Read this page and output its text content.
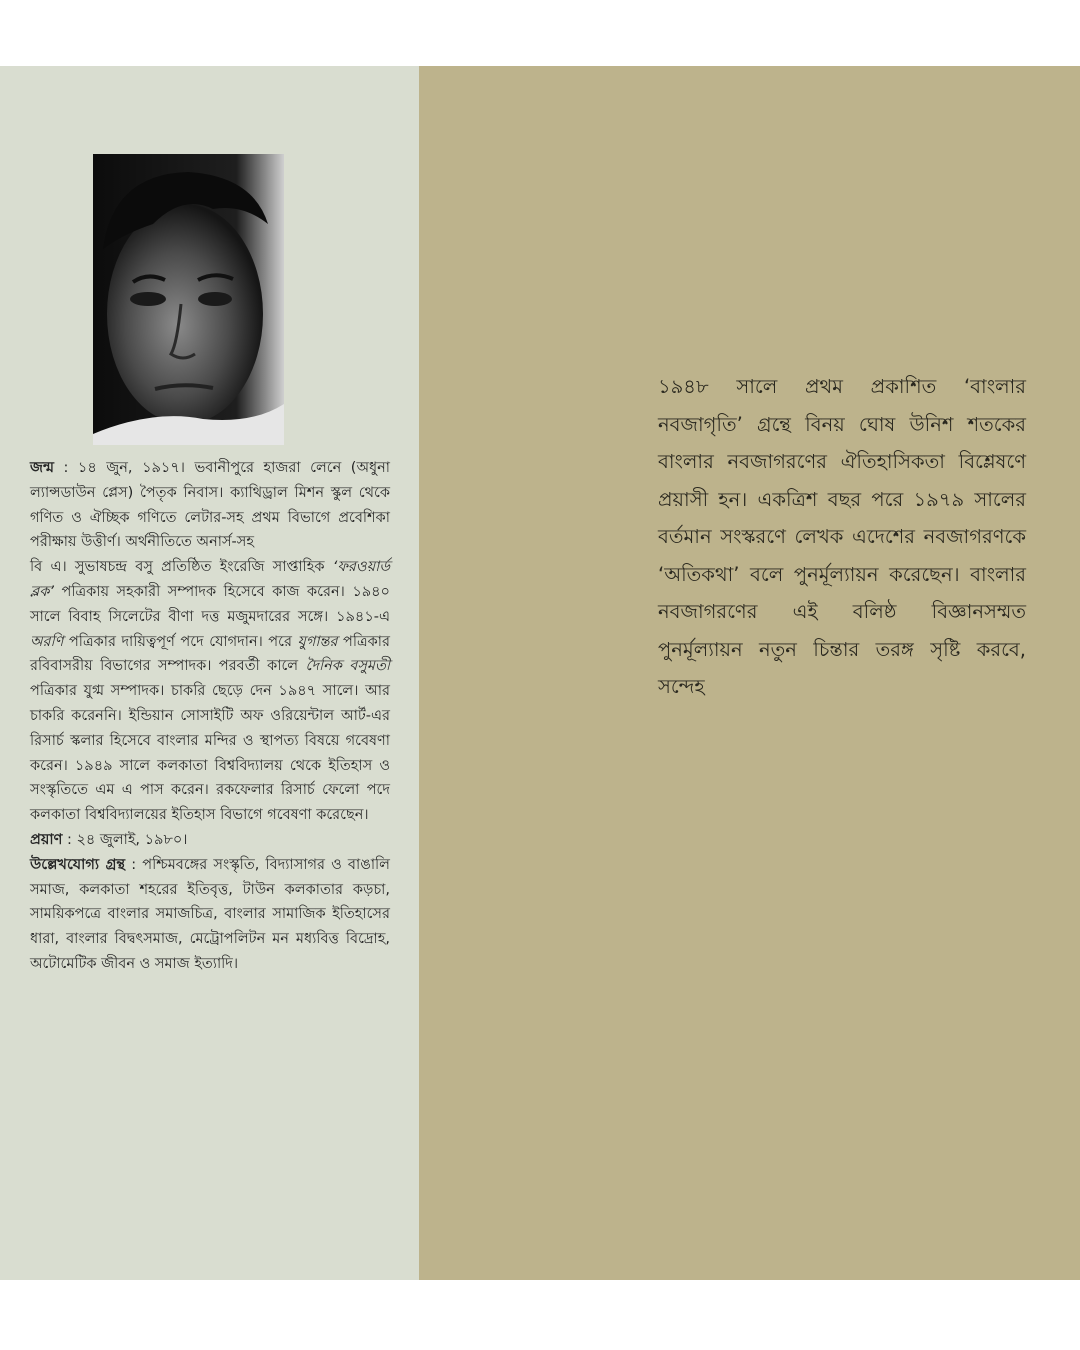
জন্ম : ১৪ জুন, ১৯১৭। ভবানীপুরে হাজরা লেনে (অধুনা ল্যান্সডাউন প্লেস) পৈতৃক নিবাস। ক্যাথিড্রাল মিশন স্কুল থেকে গণিত ও ঐচ্ছিক গণিতে লেটার-সহ প্রথম বিভাগে প্রবেশিকা পরীক্ষায় উত্তীর্ণ। অর্থনীতিতে অনার্স-সহ

বি এ। সুভাষচন্দ্র বসু প্রতিষ্ঠিত ইংরেজি সাপ্তাহিক ‘ফরওয়ার্ড ব্লক’ পত্রিকায় সহকারী সম্পাদক হিসেবে কাজ করেন। ১৯৪০ সালে বিবাহ সিলেটের বীণা দত্ত মজুমদারের সঙ্গে। ১৯৪১-এ অরণি পত্রিকার দায়িত্বপূর্ণ পদে যোগদান। পরে যুগান্তর পত্রিকার রবিবাসরীয় বিভাগের সম্পাদক। পরবর্তী কালে দৈনিক বসুমতী পত্রিকার যুগ্ম সম্পাদক। চাকরি ছেড়ে দেন ১৯৪৭ সালে। আর চাকরি করেননি। ইন্ডিয়ান সোসাইটি অফ ওরিয়েন্টাল আর্ট-এর রিসার্চ স্কলার হিসেবে বাংলার মন্দির ও স্থাপত্য বিষয়ে গবেষণা করেন। ১৯৪৯ সালে কলকাতা বিশ্ববিদ্যালয় থেকে ইতিহাস ও সংস্কৃতিতে এম এ পাস করেন। রকফেলার রিসার্চ ফেলো পদে কলকাতা বিশ্ববিদ্যালয়ের ইতিহাস বিভাগে গবেষণা করেছেন।

প্রয়াণ : ২৪ জুলাই, ১৯৮০।

উল্লেখযোগ্য গ্রন্থ : পশ্চিমবঙ্গের সংস্কৃতি, বিদ্যাসাগর ও বাঙালি সমাজ, কলকাতা শহরের ইতিবৃত্ত, টাউন কলকাতার কড়চা, সাময়িকপত্রে বাংলার সমাজচিত্র, বাংলার সামাজিক ইতিহাসের ধারা, বাংলার বিদ্বৎসমাজ, মেট্রোপলিটন মন মধ্যবিত্ত বিদ্রোহ, অটোমেটিক জীবন ও সমাজ ইত্যাদি।

১৯৪৮ সালে প্রথম প্রকাশিত ‘বাংলার নবজাগৃতি’ গ্রন্থে বিনয় ঘোষ উনিশ শতকের বাংলার নবজাগরণের ঐতিহাসিকতা বিশ্লেষণে প্রয়াসী হন। একত্রিশ বছর পরে ১৯৭৯ সালের বর্তমান সংস্করণে লেখক এদেশের নবজাগরণকে ‘অতিকথা’ বলে পুনর্মূল্যায়ন করেছেন। বাংলার নবজাগরণের এই বলিষ্ঠ বিজ্ঞানসম্মত পুনর্মূল্যায়ন নতুন চিন্তার তরঙ্গ সৃষ্টি করবে, সন্দেহ
